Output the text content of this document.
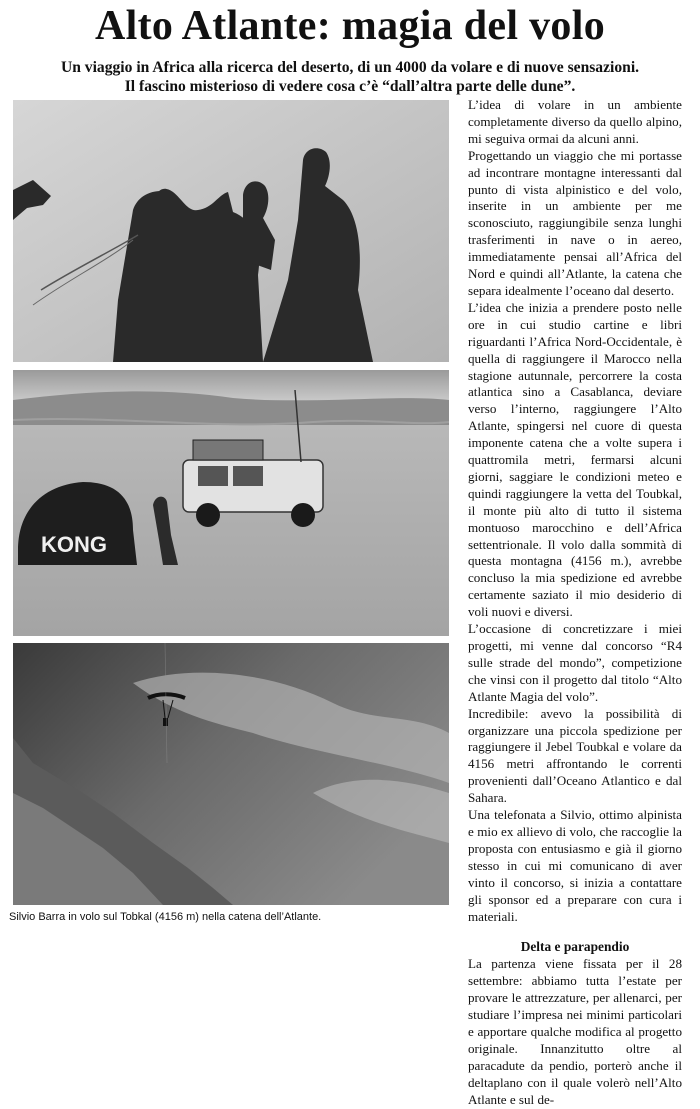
Alto Atlante: magia del volo
Un viaggio in Africa alla ricerca del deserto, di un 4000 da volare e di nuove sensazioni.
Il fascino misterioso di vedere cosa c’è “dall’altra parte delle dune”.
KONG
Silvio Barra in volo sul Tobkal (4156 m) nella catena dell’Atlante.

L’idea di volare in un ambiente completamente diverso da quello alpino, mi seguiva ormai da alcuni anni.

Progettando un viaggio che mi portasse ad incontrare montagne interessanti dal punto di vista alpinistico e del volo, inserite in un ambiente per me sconosciuto, raggiungibile senza lunghi trasferimenti in nave o in aereo, immediatamente pensai all’Africa del Nord e quindi all’Atlante, la catena che separa idealmente l’oceano dal deserto.

L’idea che inizia a prendere posto nelle ore in cui studio cartine e libri riguardanti l’Africa Nord-Occidentale, è quella di raggiungere il Marocco nella stagione autunnale, percorrere la costa atlantica sino a Casablanca, deviare verso l’interno, raggiungere l’Alto Atlante, spingersi nel cuore di questa imponente catena che a volte supera i quattromila metri, fermarsi alcuni giorni, saggiare le condizioni meteo e quindi raggiungere la vetta del Toubkal, il monte più alto di tutto il sistema montuoso marocchino e dell’Africa settentrionale. Il volo dalla sommità di questa montagna (4156 m.), avrebbe concluso la mia spedizione ed avrebbe certamente saziato il mio desiderio di voli nuovi e diversi.

L’occasione di concretizzare i miei progetti, mi venne dal concorso “R4 sulle strade del mondo”, competizione che vinsi con il progetto dal titolo “Alto Atlante Magia del volo”.

Incredibile: avevo la possibilità di organizzare una piccola spedizione per raggiungere il Jebel Toubkal e volare da 4156 metri affrontando le correnti provenienti dall’Oceano Atlantico e dal Sahara.

Una telefonata a Silvio, ottimo alpinista e mio ex allievo di volo, che raccoglie la proposta con entusiasmo e già il giorno stesso in cui mi comunicano di aver vinto il concorso, si inizia a contattare gli sponsor ed a preparare con cura i materiali.

Delta e parapendio

La partenza viene fissata per il 28 settembre: abbiamo tutta l’estate per provare le attrezzature, per allenarci, per studiare l’impresa nei minimi particolari e apportare qualche modifica al progetto originale. Innanzitutto oltre al paracadute da pendio, porterò anche il deltaplano con il quale volerò nell’Alto Atlante e sul de-
